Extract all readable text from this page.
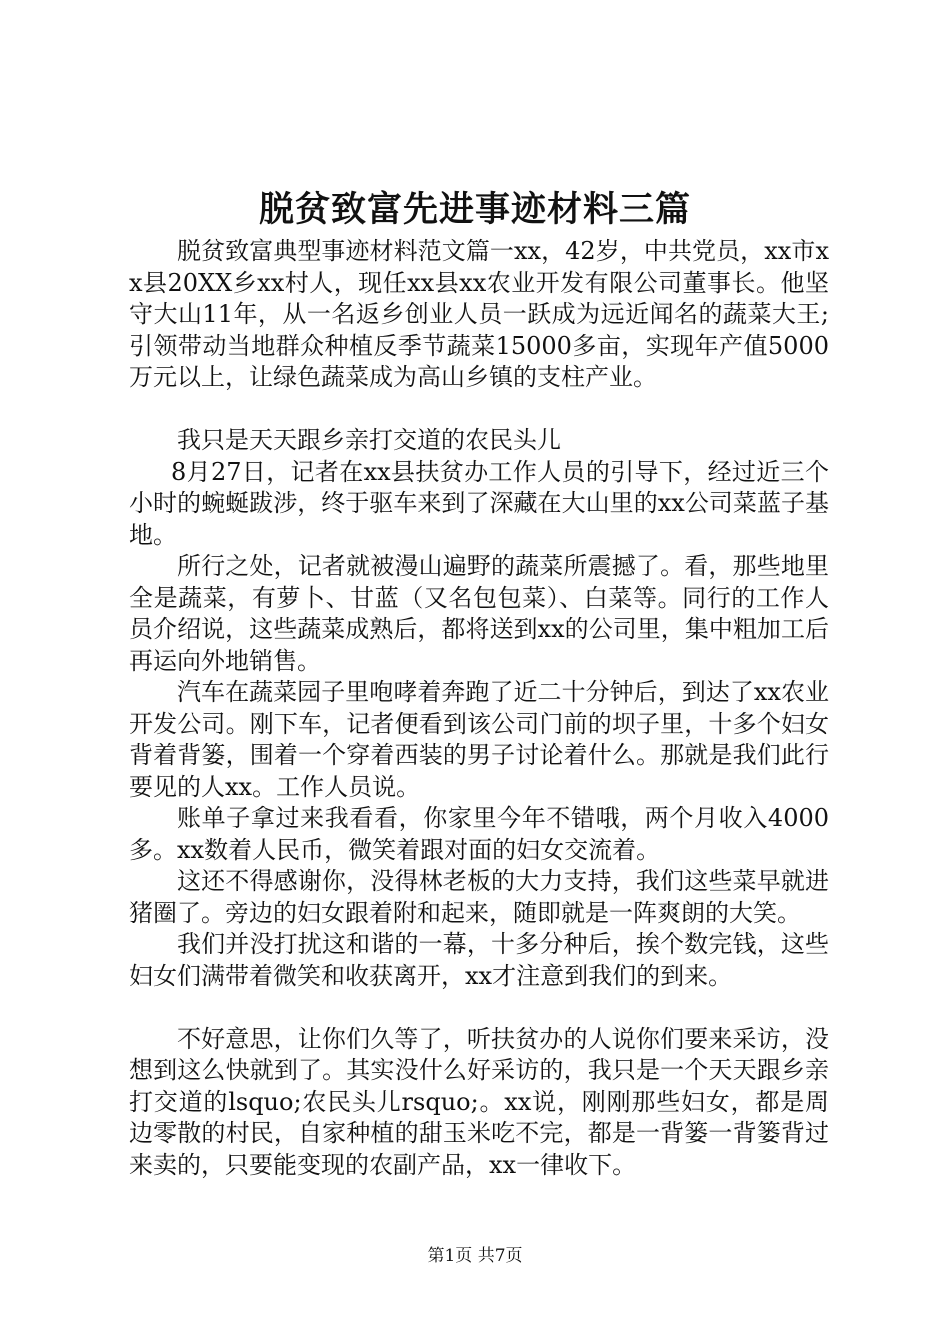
脱贫致富先进事迹材料三篇

脱贫致富典型事迹材料范文篇一xx，42岁，中共党员，xx市xx县20XX乡xx村人，现任xx县xx农业开发有限公司董事长。他坚守大山11年，从一名返乡创业人员一跃成为远近闻名的蔬菜大王;引领带动当地群众种植反季节蔬菜15000多亩，实现年产值5000万元以上，让绿色蔬菜成为高山乡镇的支柱产业。

我只是天天跟乡亲打交道的农民头儿

8月27日，记者在xx县扶贫办工作人员的引导下，经过近三个小时的蜿蜒跋涉，终于驱车来到了深藏在大山里的xx公司菜蓝子基地。

所行之处，记者就被漫山遍野的蔬菜所震撼了。看，那些地里全是蔬菜，有萝卜、甘蓝（又名包包菜）、白菜等。同行的工作人员介绍说，这些蔬菜成熟后，都将送到xx的公司里，集中粗加工后再运向外地销售。

汽车在蔬菜园子里咆哮着奔跑了近二十分钟后，到达了xx农业开发公司。刚下车，记者便看到该公司门前的坝子里，十多个妇女背着背篓，围着一个穿着西装的男子讨论着什么。那就是我们此行要见的人xx。工作人员说。

账单子拿过来我看看，你家里今年不错哦，两个月收入4000多。xx数着人民币，微笑着跟对面的妇女交流着。

这还不得感谢你，没得林老板的大力支持，我们这些菜早就进猪圈了。旁边的妇女跟着附和起来，随即就是一阵爽朗的大笑。

我们并没打扰这和谐的一幕，十多分种后，挨个数完钱，这些妇女们满带着微笑和收获离开，xx才注意到我们的到来。

不好意思，让你们久等了，听扶贫办的人说你们要来采访，没想到这么快就到了。其实没什么好采访的，我只是一个天天跟乡亲打交道的lsquo;农民头儿rsquo;。xx说，刚刚那些妇女，都是周边零散的村民，自家种植的甜玉米吃不完，都是一背篓一背篓背过来卖的，只要能变现的农副产品，xx一律收下。

第1页 共7页
